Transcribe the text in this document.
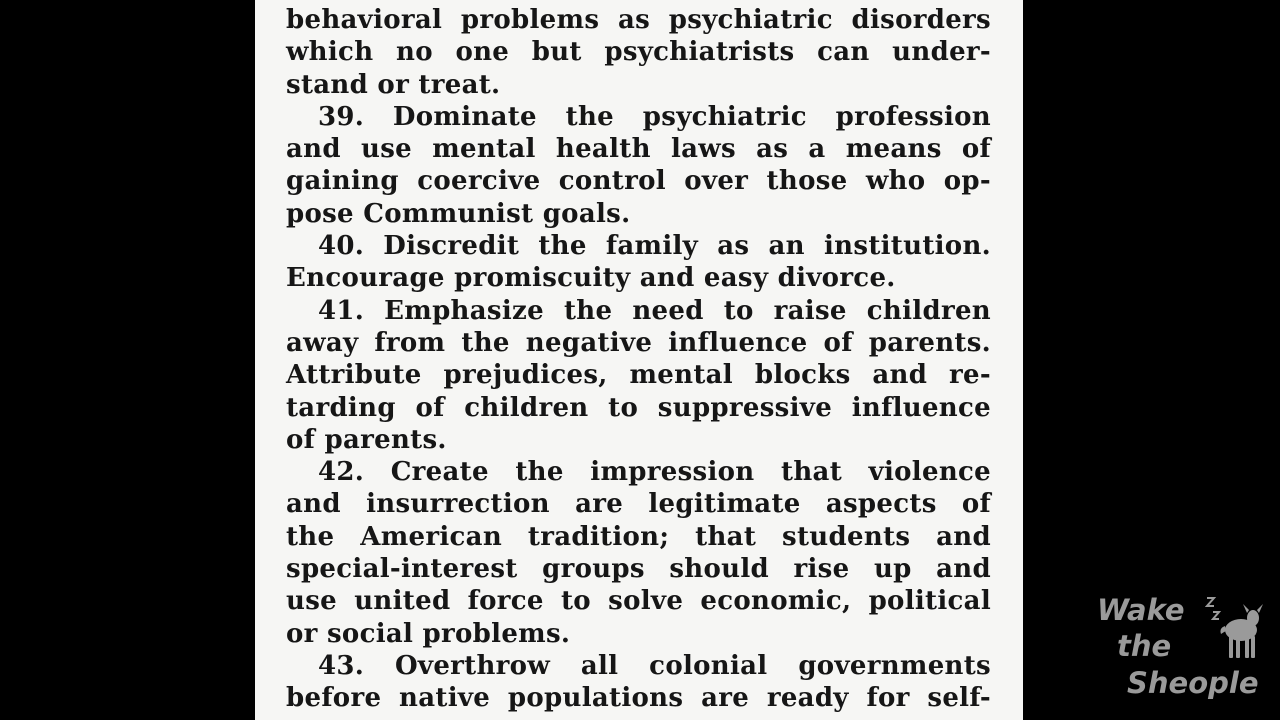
behavioral problems as psychiatric disorders
which no one but psychiatrists can under-
stand or treat.
39. Dominate the psychiatric profession
and use mental health laws as a means of
gaining coercive control over those who op-
pose Communist goals.
40. Discredit the family as an institution.
Encourage promiscuity and easy divorce.
41. Emphasize the need to raise children
away from the negative influence of parents.
Attribute prejudices, mental blocks and re-
tarding of children to suppressive influence
of parents.
42. Create the impression that violence
and insurrection are legitimate aspects of
the American tradition; that students and
special-interest groups should rise up and
use united force to solve economic, political
or social problems.
43. Overthrow all colonial governments
before native populations are ready for self-
Wake
the
Sheople
